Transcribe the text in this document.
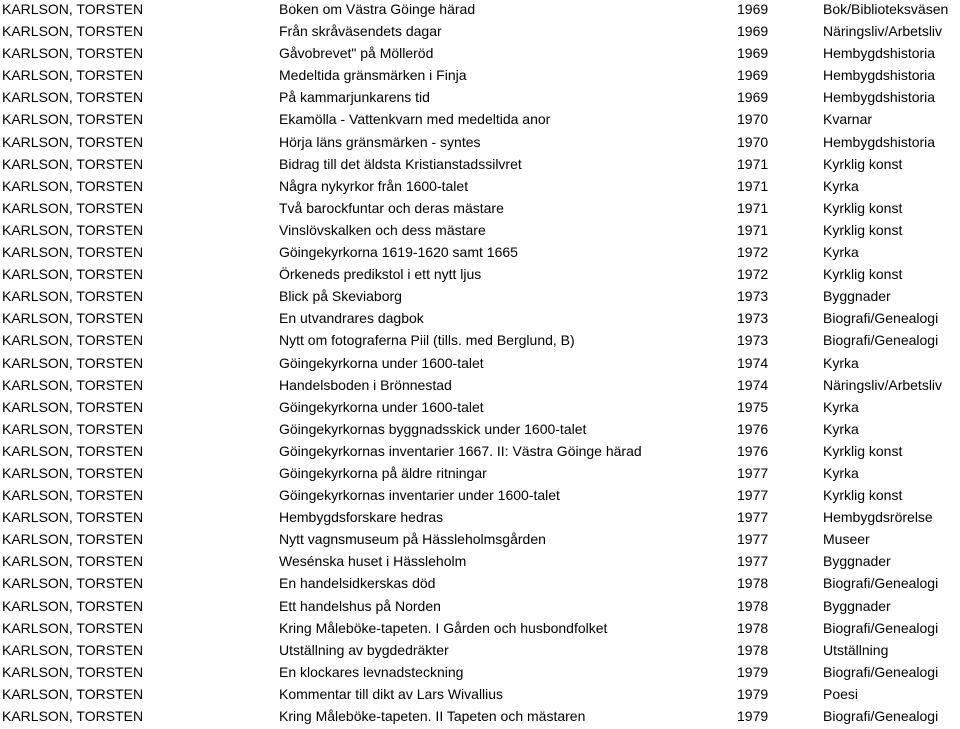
KARLSON, TORSTEN	Boken om Västra Göinge härad	1969	Bok/Biblioteksväsen
KARLSON, TORSTEN	Från skråväsendets dagar	1969	Näringsliv/Arbetsliv
KARLSON, TORSTEN	Gåvobrevet" på Mölleröd	1969	Hembygdshistoria
KARLSON, TORSTEN	Medeltida gränsmärken i Finja	1969	Hembygdshistoria
KARLSON, TORSTEN	På kammarjunkarens tid	1969	Hembygdshistoria
KARLSON, TORSTEN	Ekamölla - Vattenkvarn med medeltida anor	1970	Kvarnar
KARLSON, TORSTEN	Hörja läns gränsmärken - syntes	1970	Hembygdshistoria
KARLSON, TORSTEN	Bidrag till det äldsta Kristianstadssilvret	1971	Kyrklig konst
KARLSON, TORSTEN	Några nykyrkor från 1600-talet	1971	Kyrka
KARLSON, TORSTEN	Två barockfuntar och deras mästare	1971	Kyrklig konst
KARLSON, TORSTEN	Vinslövskalken och dess mästare	1971	Kyrklig konst
KARLSON, TORSTEN	Göingekyrkorna 1619-1620 samt 1665	1972	Kyrka
KARLSON, TORSTEN	Örkeneds predikstol i ett nytt ljus	1972	Kyrklig konst
KARLSON, TORSTEN	Blick på Skeviaborg	1973	Byggnader
KARLSON, TORSTEN	En utvandrares dagbok	1973	Biografi/Genealogi
KARLSON, TORSTEN	Nytt om fotograferna Piil (tills. med Berglund, B)	1973	Biografi/Genealogi
KARLSON, TORSTEN	Göingekyrkorna under 1600-talet	1974	Kyrka
KARLSON, TORSTEN	Handelsboden i Brönnestad	1974	Näringsliv/Arbetsliv
KARLSON, TORSTEN	Göingekyrkorna under 1600-talet	1975	Kyrka
KARLSON, TORSTEN	Göingekyrkornas byggnadsskick under 1600-talet	1976	Kyrka
KARLSON, TORSTEN	Göingekyrkornas inventarier 1667. II: Västra Göinge härad	1976	Kyrklig konst
KARLSON, TORSTEN	Göingekyrkorna på äldre ritningar	1977	Kyrka
KARLSON, TORSTEN	Göingekyrkornas inventarier under 1600-talet	1977	Kyrklig konst
KARLSON, TORSTEN	Hembygdsforskare hedras	1977	Hembygdsrörelse
KARLSON, TORSTEN	Nytt vagnsmuseum på Hässleholmsgården	1977	Museer
KARLSON, TORSTEN	Wesénska huset i Hässleholm	1977	Byggnader
KARLSON, TORSTEN	En handelsidkerskas död	1978	Biografi/Genealogi
KARLSON, TORSTEN	Ett handelshus på Norden	1978	Byggnader
KARLSON, TORSTEN	Kring Måleböke-tapeten. I Gården och husbondfolket	1978	Biografi/Genealogi
KARLSON, TORSTEN	Utställning av bygdedräkter	1978	Utställning
KARLSON, TORSTEN	En klockares levnadsteckning	1979	Biografi/Genealogi
KARLSON, TORSTEN	Kommentar till dikt av Lars Wivallius	1979	Poesi
KARLSON, TORSTEN	Kring Måleböke-tapeten. II Tapeten och mästaren	1979	Biografi/Genealogi
